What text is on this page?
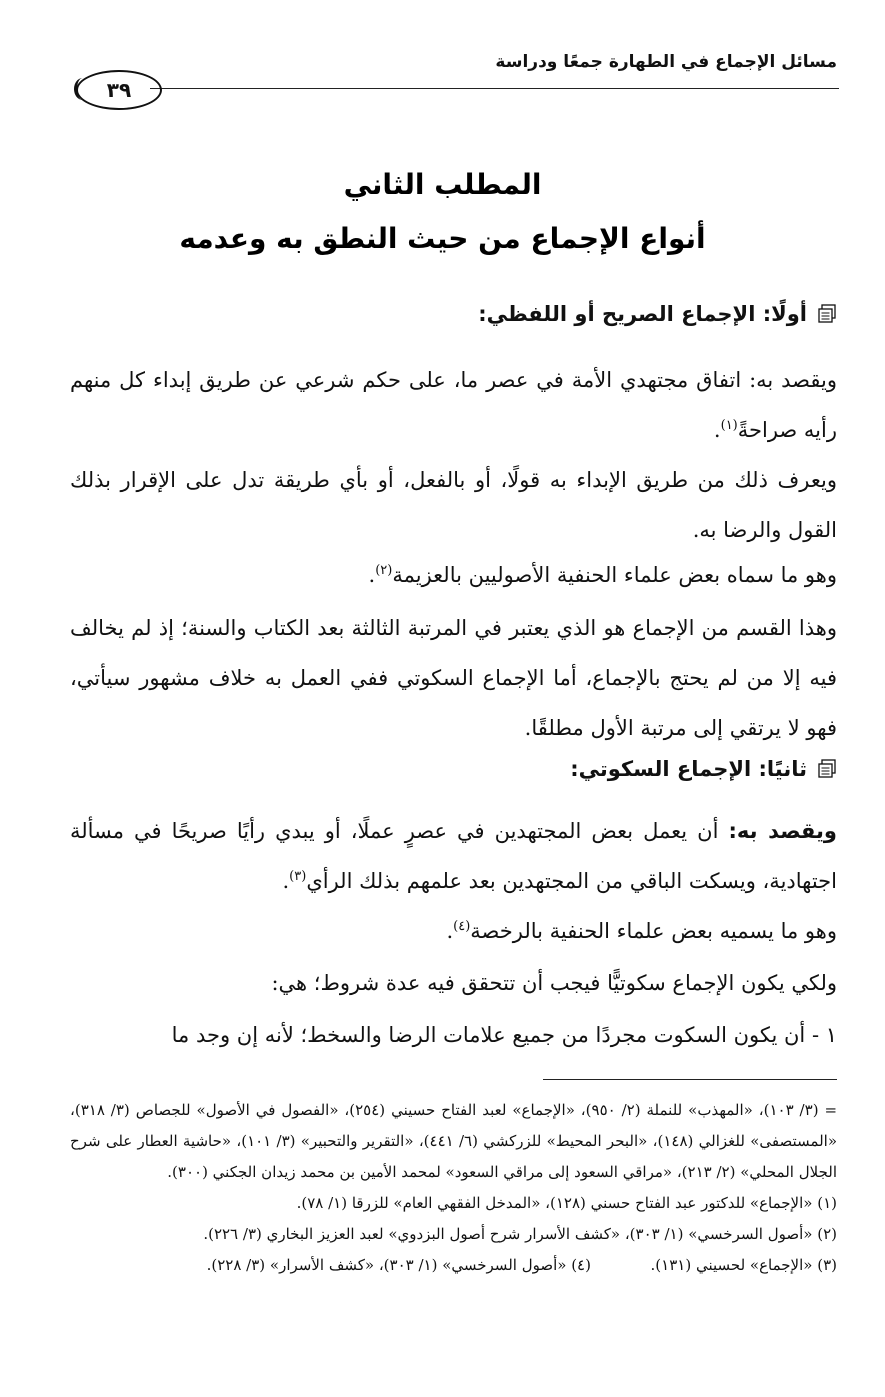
مسائل الإجماع في الطهارة جمعًا ودراسة
٣٩
المطلب الثاني
أنواع الإجماع من حيث النطق به وعدمه
أولًا: الإجماع الصريح أو اللفظي:
ويقصد به: اتفاق مجتهدي الأمة في عصر ما، على حكم شرعي عن طريق إبداء كل منهم رأيه صراحةً$^{(١)}$.
ويعرف ذلك من طريق الإبداء به قولًا، أو بالفعل، أو بأي طريقة تدل على الإقرار بذلك القول والرضا به.
وهو ما سماه بعض علماء الحنفية الأصوليين بالعزيمة$^{(٢)}$.
وهذا القسم من الإجماع هو الذي يعتبر في المرتبة الثالثة بعد الكتاب والسنة؛ إذ لم يخالف فيه إلا من لم يحتج بالإجماع، أما الإجماع السكوتي ففي العمل به خلاف مشهور سيأتي، فهو لا يرتقي إلى مرتبة الأول مطلقًا.
ثانيًا: الإجماع السكوتي:
ويقصد به: أن يعمل بعض المجتهدين في عصرٍ عملًا، أو يبدي رأيًا صريحًا في مسألة اجتهادية، ويسكت الباقي من المجتهدين بعد علمهم بذلك الرأي$^{(٣)}$.
وهو ما يسميه بعض علماء الحنفية بالرخصة$^{(٤)}$.
ولكي يكون الإجماع سكوتيًّا فيجب أن تتحقق فيه عدة شروط؛ هي:
١ - أن يكون السكوت مجردًا من جميع علامات الرضا والسخط؛ لأنه إن وجد ما
= (٣/ ١٠٣)، «المهذب» للنملة (٢/ ٩٥٠)، «الإجماع» لعبد الفتاح حسيني (٢٥٤)، «الفصول في الأصول» للجصاص (٣/ ٣١٨)، «المستصفى» للغزالي (١٤٨)، «البحر المحيط» للزركشي (٦/ ٤٤١)، «التقرير والتحبير» (٣/ ١٠١)، «حاشية العطار على شرح الجلال المحلي» (٢/ ٢١٣)، «مراقي السعود إلى مراقي السعود» لمحمد الأمين بن محمد زيدان الجكني (٣٠٠).
(١) «الإجماع» للدكتور عبد الفتاح حسني (١٢٨)، «المدخل الفقهي العام» للزرقا (١/ ٧٨).
(٢) «أصول السرخسي» (١/ ٣٠٣)، «كشف الأسرار شرح أصول البزدوي» لعبد العزيز البخاري (٣/ ٢٢٦).
(٣) «الإجماع» لحسيني (١٣١).  (٤) «أصول السرخسي» (١/ ٣٠٣)، «كشف الأسرار» (٣/ ٢٢٨).
